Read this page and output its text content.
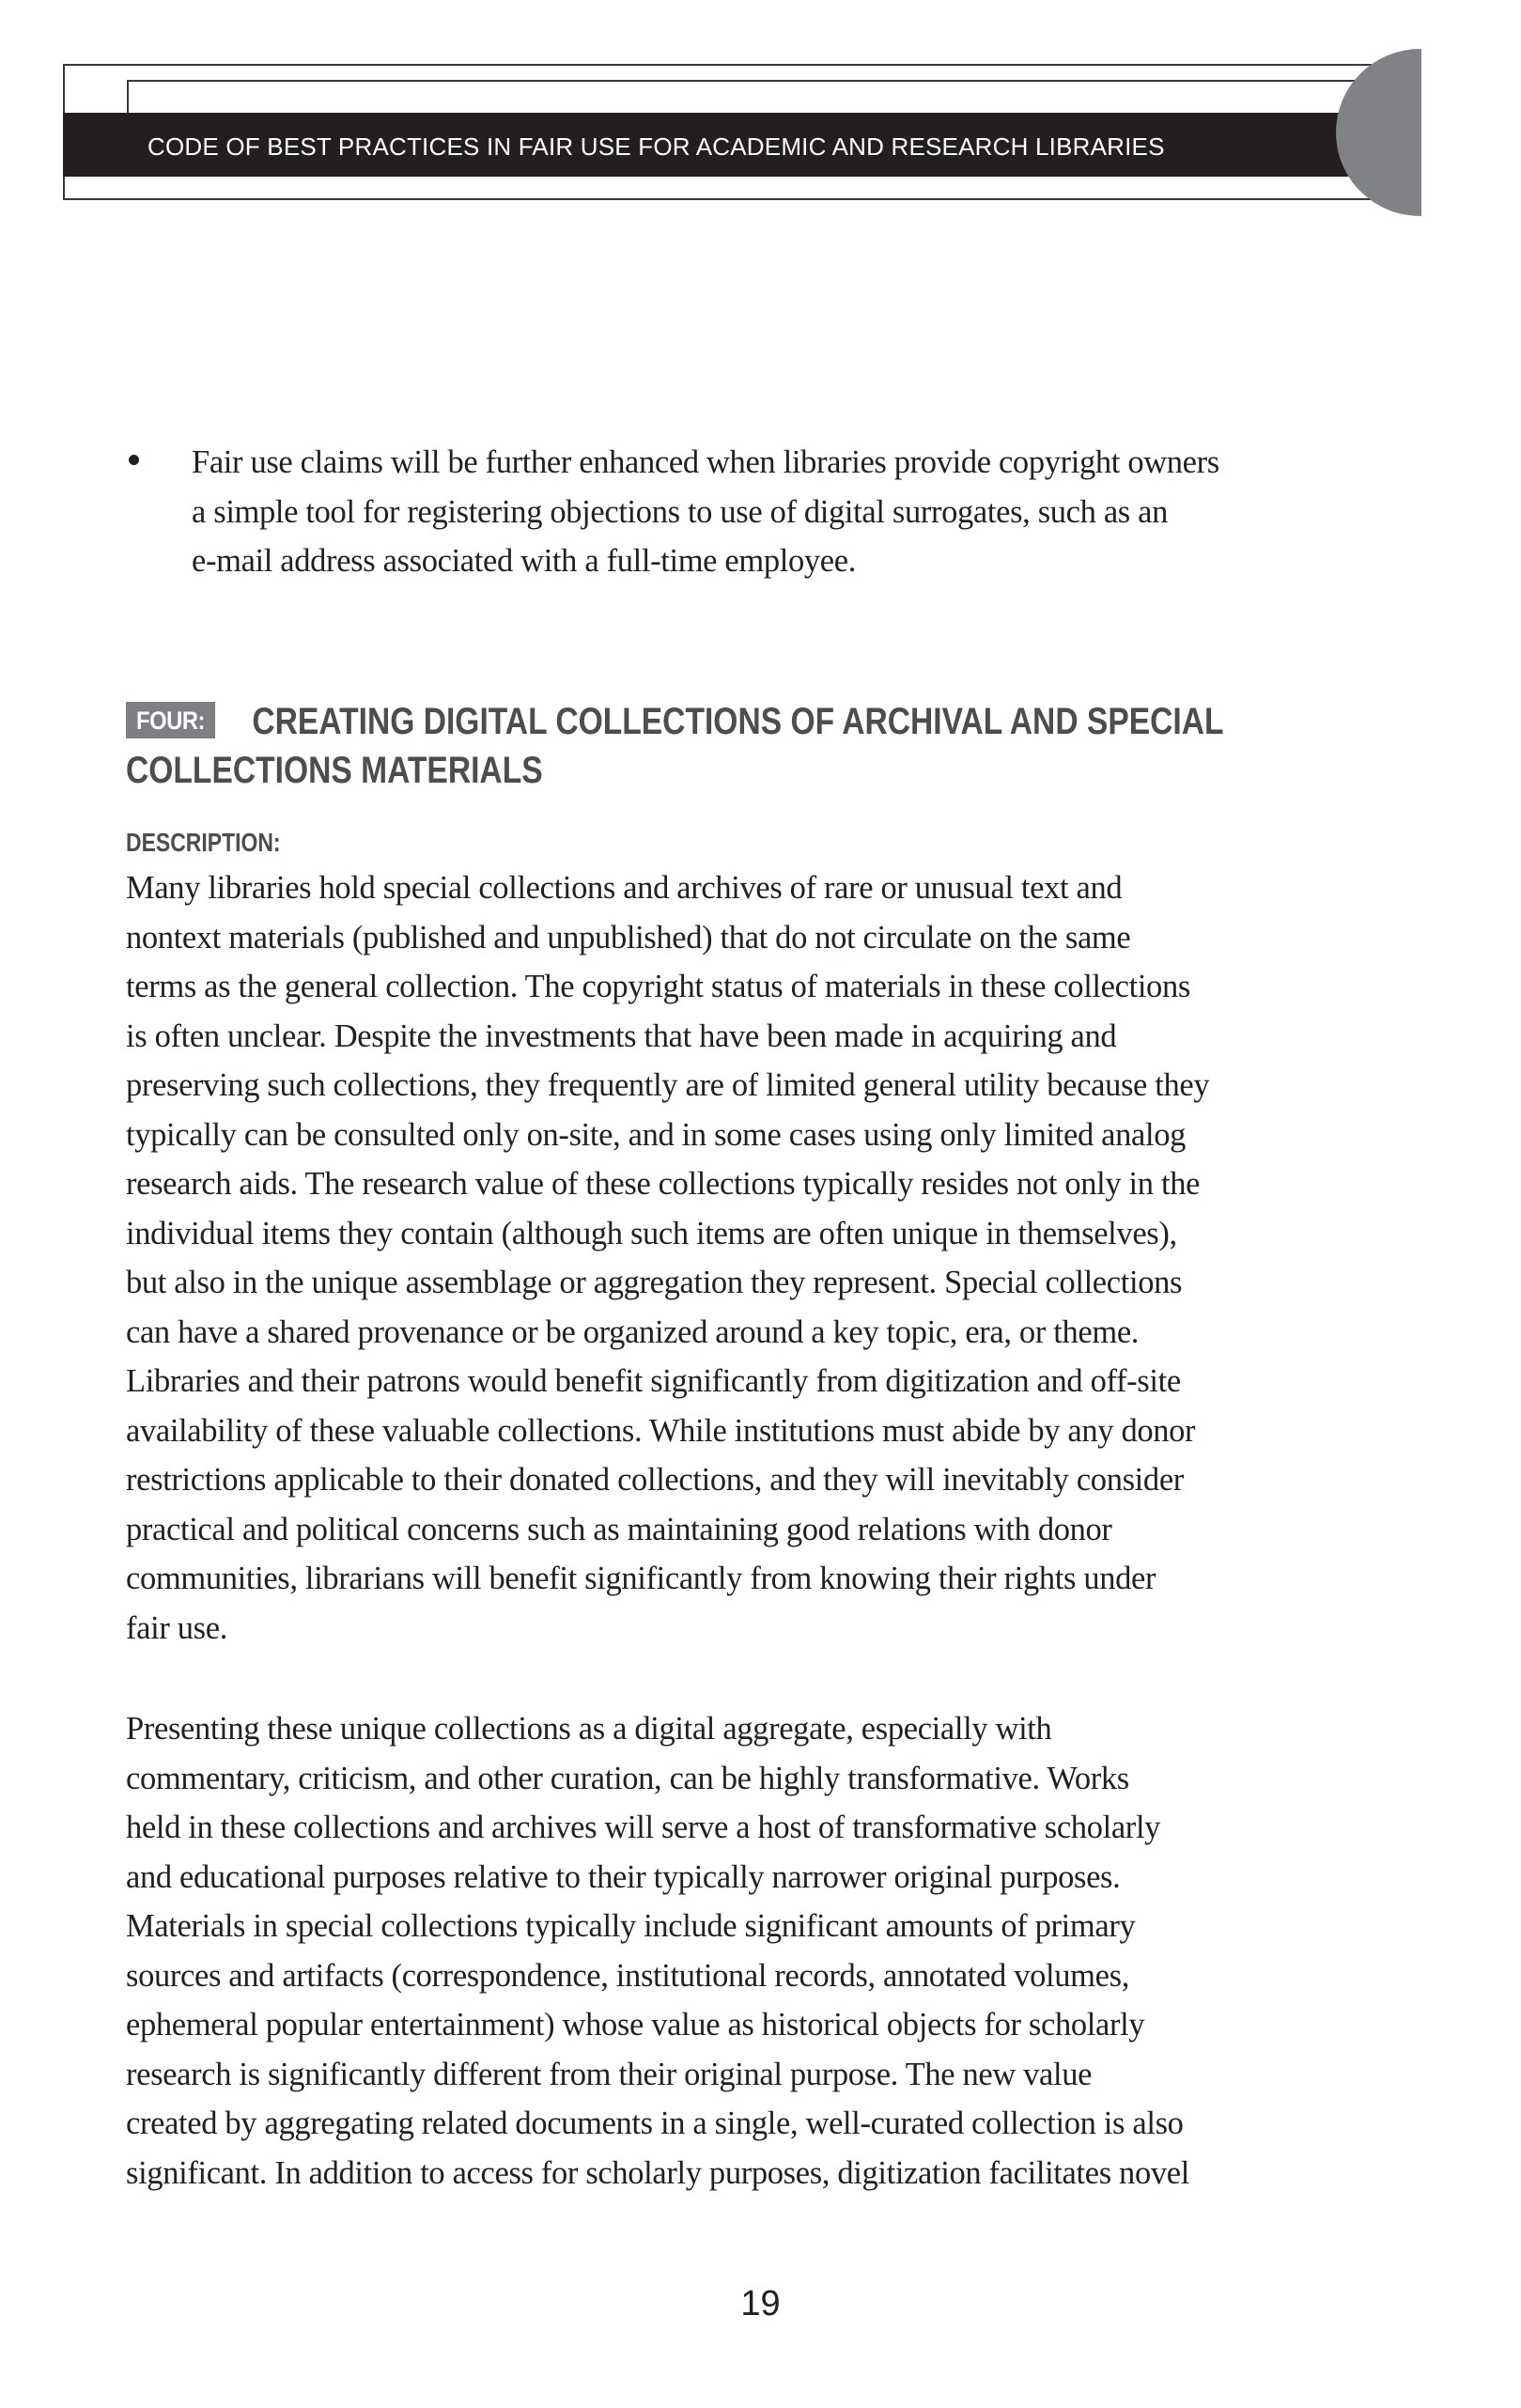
CODE OF BEST PRACTICES IN FAIR USE FOR ACADEMIC AND RESEARCH LIBRARIES
Fair use claims will be further enhanced when libraries provide copyright owners
a simple tool for registering objections to use of digital surrogates, such as an
e-mail address associated with a full-time employee.
CREATING DIGITAL COLLECTIONS OF ARCHIVAL AND SPECIAL
COLLECTIONS MATERIALS
FOUR:
DESCRIPTION:
Many libraries hold special collections and archives of rare or unusual text and
nontext materials (published and unpublished) that do not circulate on the same
terms as the general collection. The copyright status of materials in these collections
is often unclear. Despite the investments that have been made in acquiring and
preserving such collections, they frequently are of limited general utility because they
typically can be consulted only on-site, and in some cases using only limited analog
research aids. The research value of these collections typically resides not only in the
individual items they contain (although such items are often unique in themselves),
but also in the unique assemblage or aggregation they represent. Special collections
can have a shared provenance or be organized around a key topic, era, or theme.
Libraries and their patrons would benefit significantly from digitization and off-site
availability of these valuable collections. While institutions must abide by any donor
restrictions applicable to their donated collections, and they will inevitably consider
practical and political concerns such as maintaining good relations with donor
communities, librarians will benefit significantly from knowing their rights under
fair use.
Presenting these unique collections as a digital aggregate, especially with
commentary, criticism, and other curation, can be highly transformative. Works
held in these collections and archives will serve a host of transformative scholarly
and educational purposes relative to their typically narrower original purposes.
Materials in special collections typically include significant amounts of primary
sources and artifacts (correspondence, institutional records, annotated volumes,
ephemeral popular entertainment) whose value as historical objects for scholarly
research is significantly different from their original purpose. The new value
created by aggregating related documents in a single, well-curated collection is also
significant. In addition to access for scholarly purposes, digitization facilitates novel
19
